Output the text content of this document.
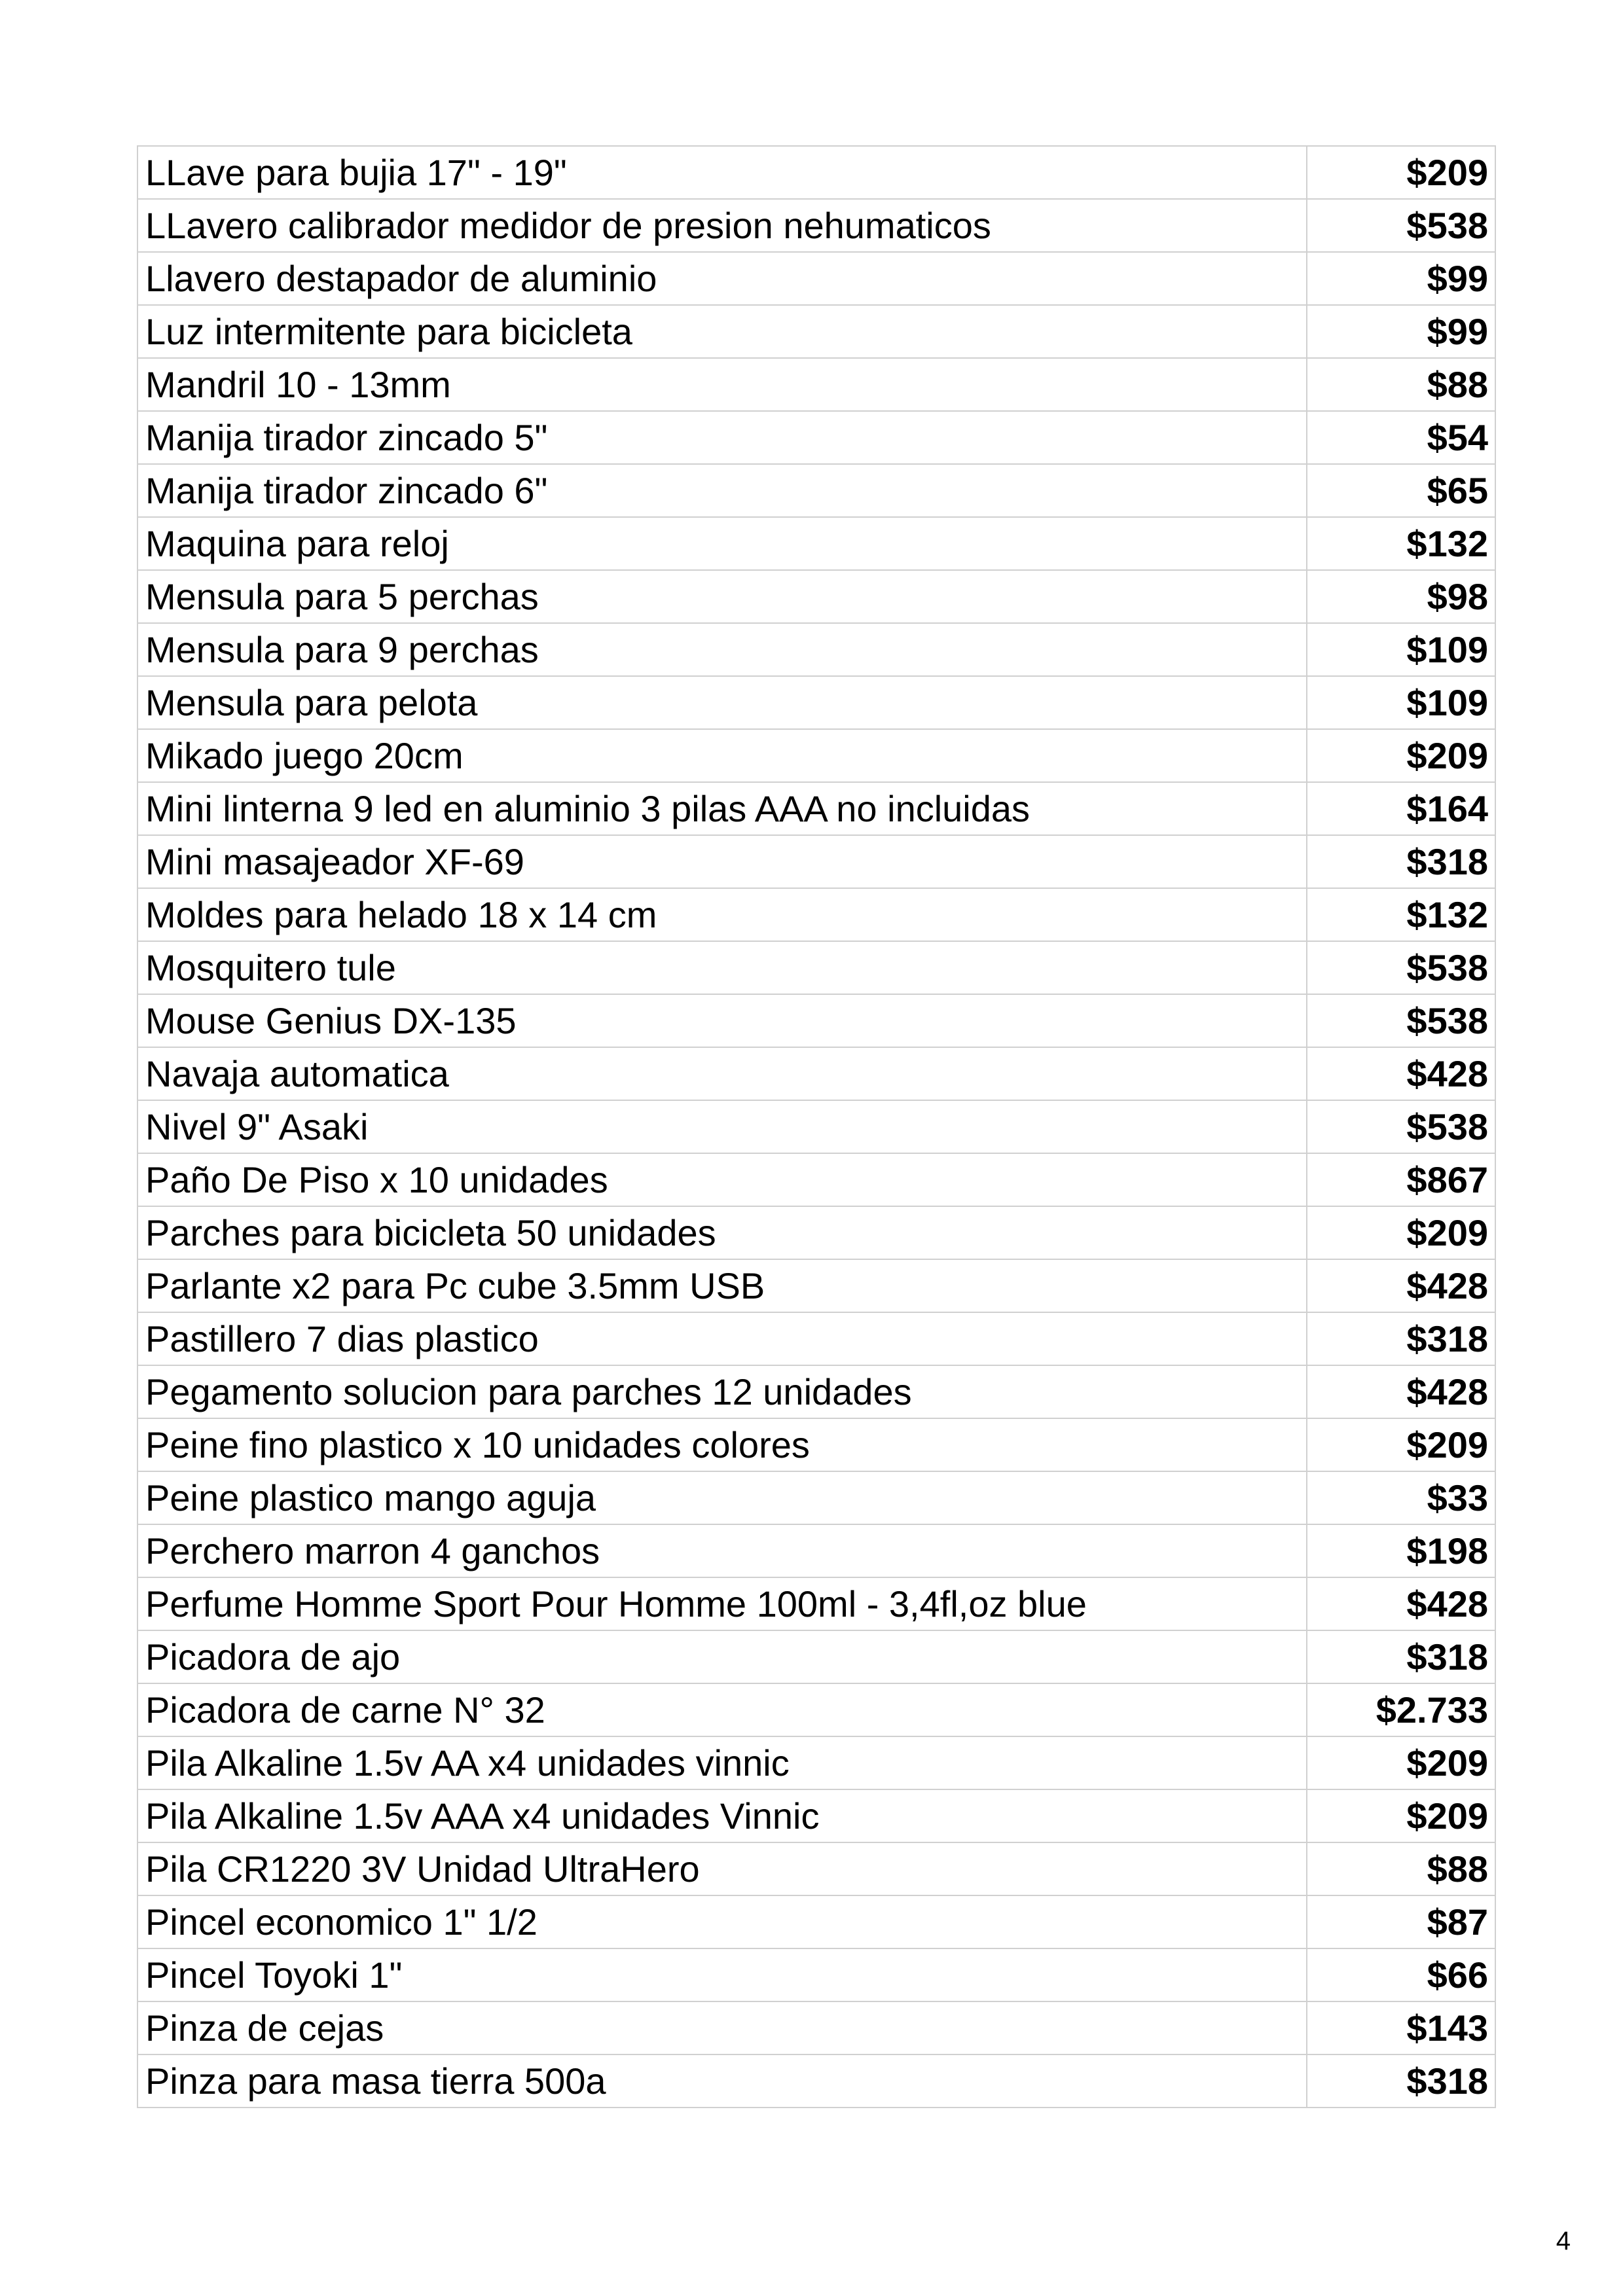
LLave para bujia 17" - 19"	$209
LLavero calibrador medidor de presion nehumaticos	$538
Llavero destapador de aluminio	$99
Luz intermitente para bicicleta	$99
Mandril 10 - 13mm	$88
Manija tirador zincado 5"	$54
Manija tirador zincado 6"	$65
Maquina para reloj	$132
Mensula para 5 perchas	$98
Mensula para 9 perchas	$109
Mensula para pelota	$109
Mikado juego 20cm	$209
Mini linterna 9 led en aluminio 3 pilas AAA no incluidas	$164
Mini masajeador XF-69	$318
Moldes para helado 18 x 14 cm	$132
Mosquitero tule	$538
Mouse Genius DX-135	$538
Navaja automatica	$428
Nivel 9" Asaki	$538
Paño De Piso x 10 unidades	$867
Parches para bicicleta 50 unidades	$209
Parlante x2 para Pc cube 3.5mm USB	$428
Pastillero 7 dias plastico	$318
Pegamento solucion para parches 12 unidades	$428
Peine fino plastico x 10 unidades colores	$209
Peine plastico mango aguja	$33
Perchero marron 4 ganchos	$198
Perfume Homme Sport Pour Homme 100ml - 3,4fl,oz blue	$428
Picadora de ajo	$318
Picadora de carne N° 32	$2.733
Pila Alkaline 1.5v AA x4 unidades vinnic	$209
Pila Alkaline 1.5v AAA x4 unidades Vinnic	$209
Pila CR1220 3V Unidad UltraHero	$88
Pincel economico 1" 1/2	$87
Pincel Toyoki 1"	$66
Pinza de cejas	$143
Pinza para masa tierra 500a	$318
4
